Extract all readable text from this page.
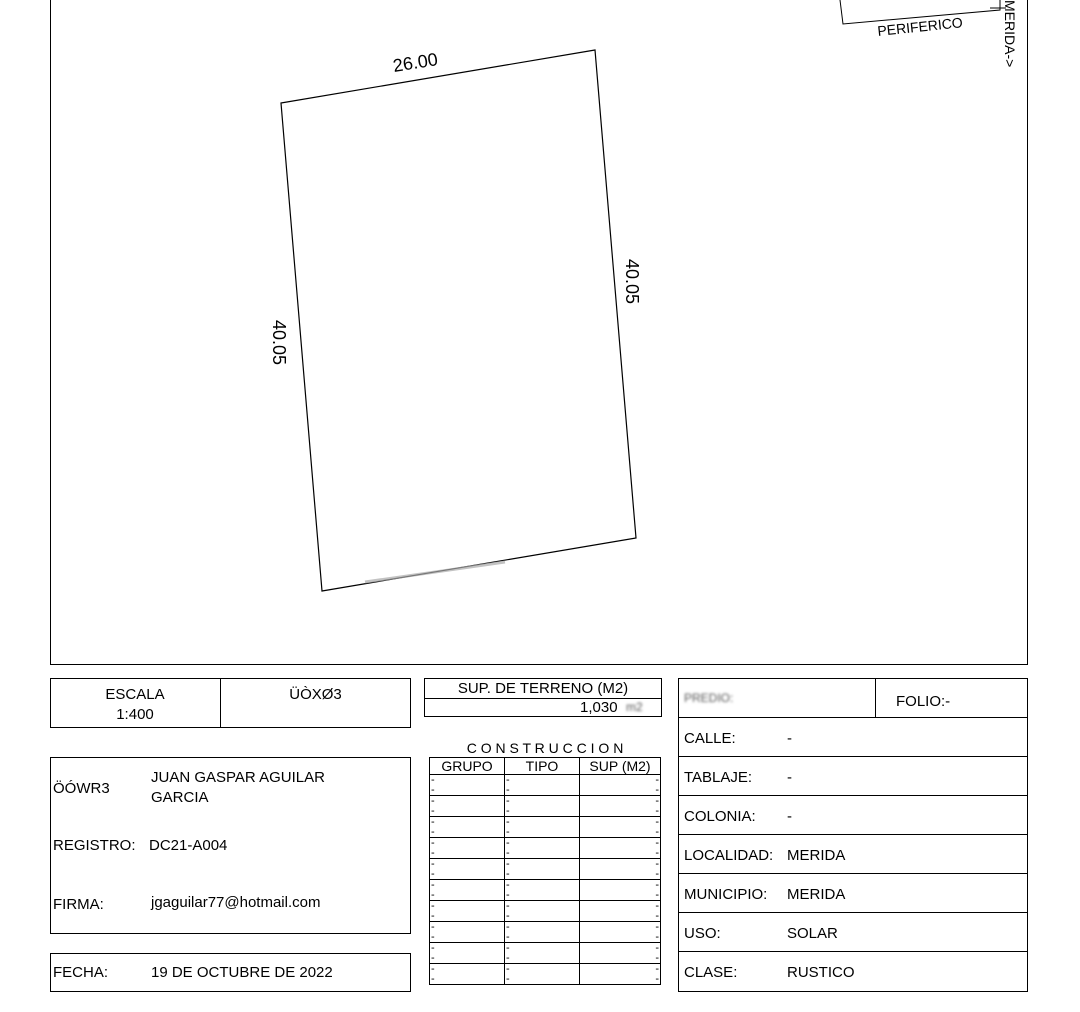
26.00
40.05
40.05
PERIFERICO	MERIDA->
ESCALA
1:400
ÜÒXØ3
ÖÓWR3
JUAN GASPAR AGUILAR
GARCIA
REGISTRO: DC21-A004
FIRMA:	jgaguilar77@hotmail.com
FECHA:	19 DE OCTUBRE DE 2022
SUP. DE TERRENO (M2)
1,030 m2
C O N S T R U C C I O N
GRUPO	TIPO	SUP (M2)
-	-	-
-	-	-
-	-	-
-	-	-
-	-	-
-	-	-
-	-	-
-	-	-
-	-	-
-	-	-
-	-	-
-	-	-
-	-	-
-	-	-
-	-	-
-	-	-
-	-	-
-	-	-
-	-	-
-	-	-
PREDIO:	FOLIO:-
CALLE:	-
TABLAJE: -
COLONIA: -
LOCALIDAD: MERIDA
MUNICIPIO: MERIDA
USO:	SOLAR
CLASE:	RUSTICO
